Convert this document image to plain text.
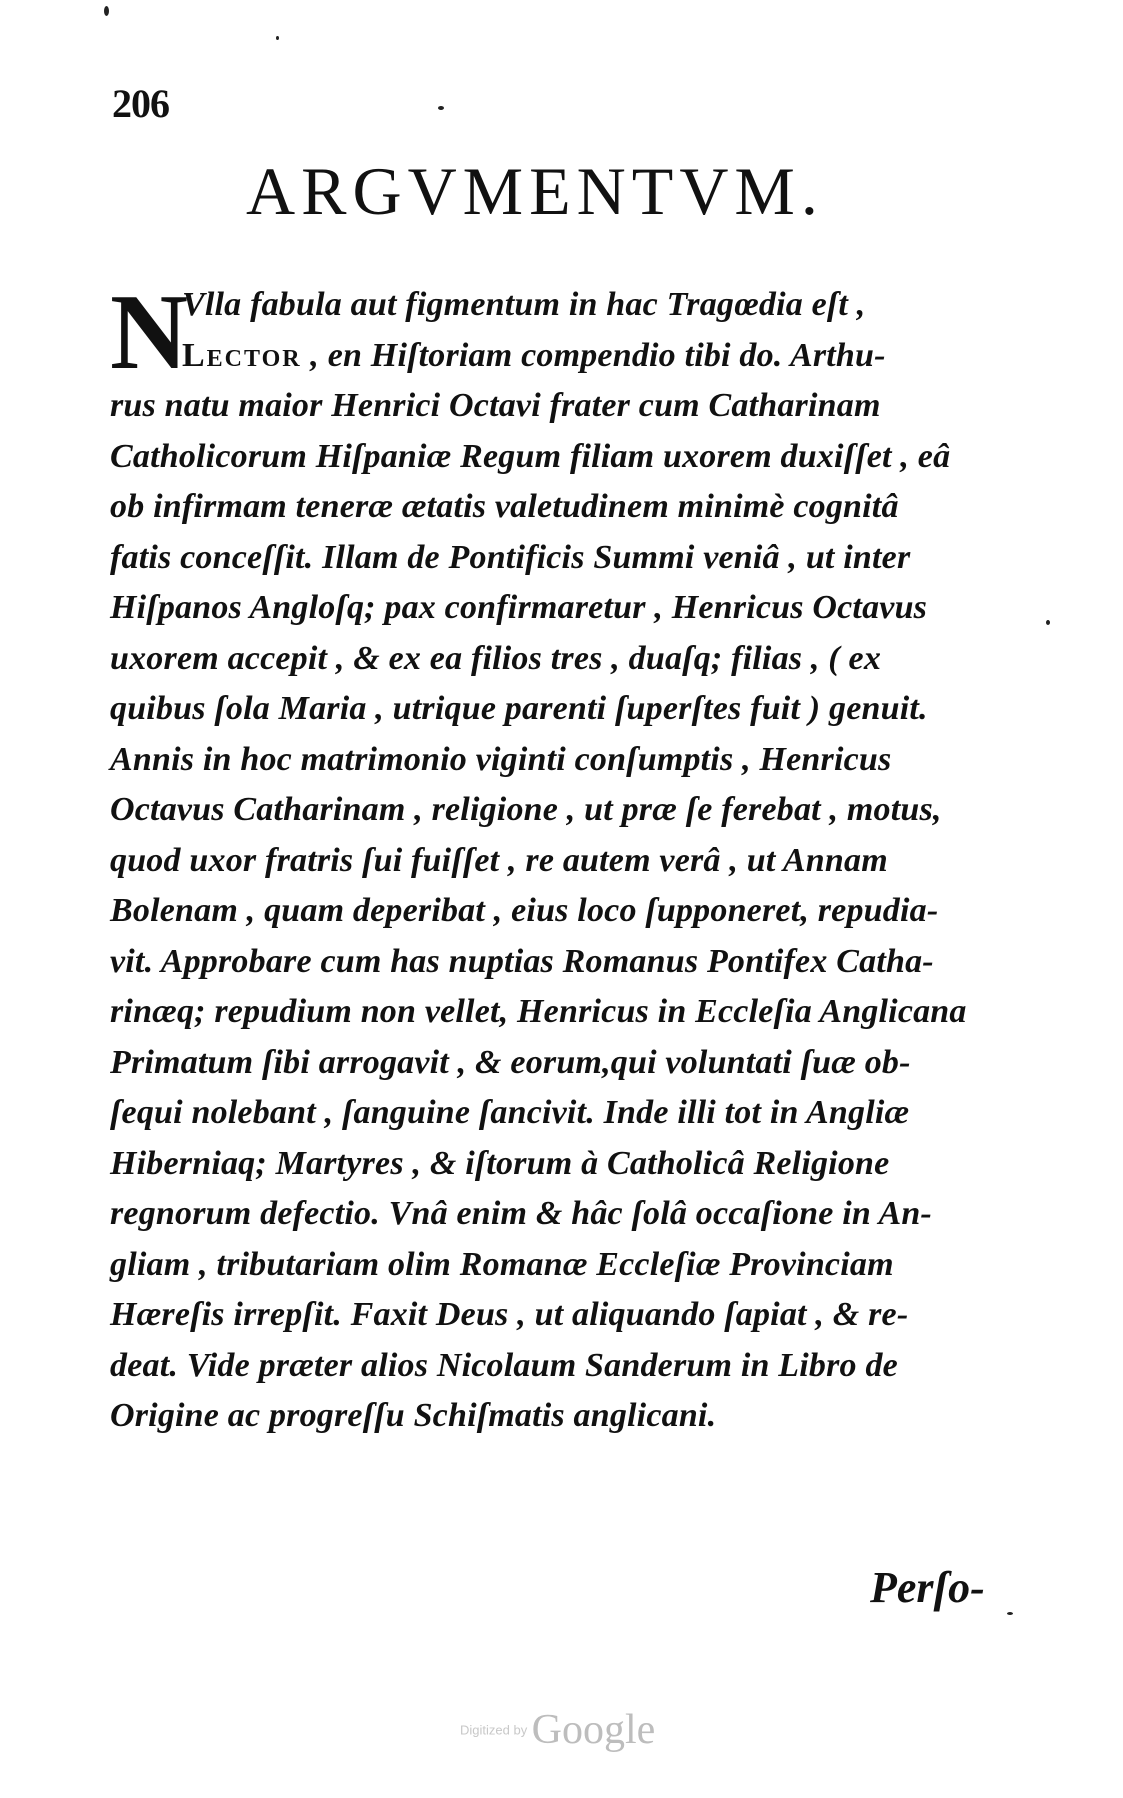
206
ARGVMENTVM.
N
Vlla fabula aut figmentum in hac Tragœdia eſt ,
Lector , en Hiſtoriam compendio tibi do. Arthu-
rus natu maior Henrici Octavi frater cum Catharinam
Catholicorum Hiſpaniæ Regum filiam uxorem duxiſſet , eâ
ob infirmam teneræ ætatis valetudinem minimè cognitâ
fatis conceſſit. Illam de Pontificis Summi veniâ , ut inter
Hiſpanos Angloſq; pax confirmaretur , Henricus Octavus
uxorem accepit , & ex ea filios tres , duaſq; filias , ( ex
quibus ſola Maria , utrique parenti ſuperſtes fuit ) genuit.
Annis in hoc matrimonio viginti conſumptis , Henricus
Octavus Catharinam , religione , ut præ ſe ferebat , motus,
quod uxor fratris ſui fuiſſet , re autem verâ , ut Annam
Bolenam , quam deperibat , eius loco ſupponeret, repudia-
vit. Approbare cum has nuptias Romanus Pontifex Catha-
rinæq; repudium non vellet, Henricus in Eccleſia Anglicana
Primatum ſibi arrogavit , & eorum,qui voluntati ſuæ ob-
ſequi nolebant , ſanguine ſancivit. Inde illi tot in Angliæ
Hiberniaq; Martyres , & iſtorum à Catholicâ Religione
regnorum defectio. Vnâ enim & hâc ſolâ occaſione in An-
gliam , tributariam olim Romanæ Eccleſiæ Provinciam
Hæreſis irrepſit. Faxit Deus , ut aliquando ſapiat , & re-
deat. Vide præter alios Nicolaum Sanderum in Libro de
Origine ac progreſſu Schiſmatis anglicani.
Perſo-
Digitized by Google
